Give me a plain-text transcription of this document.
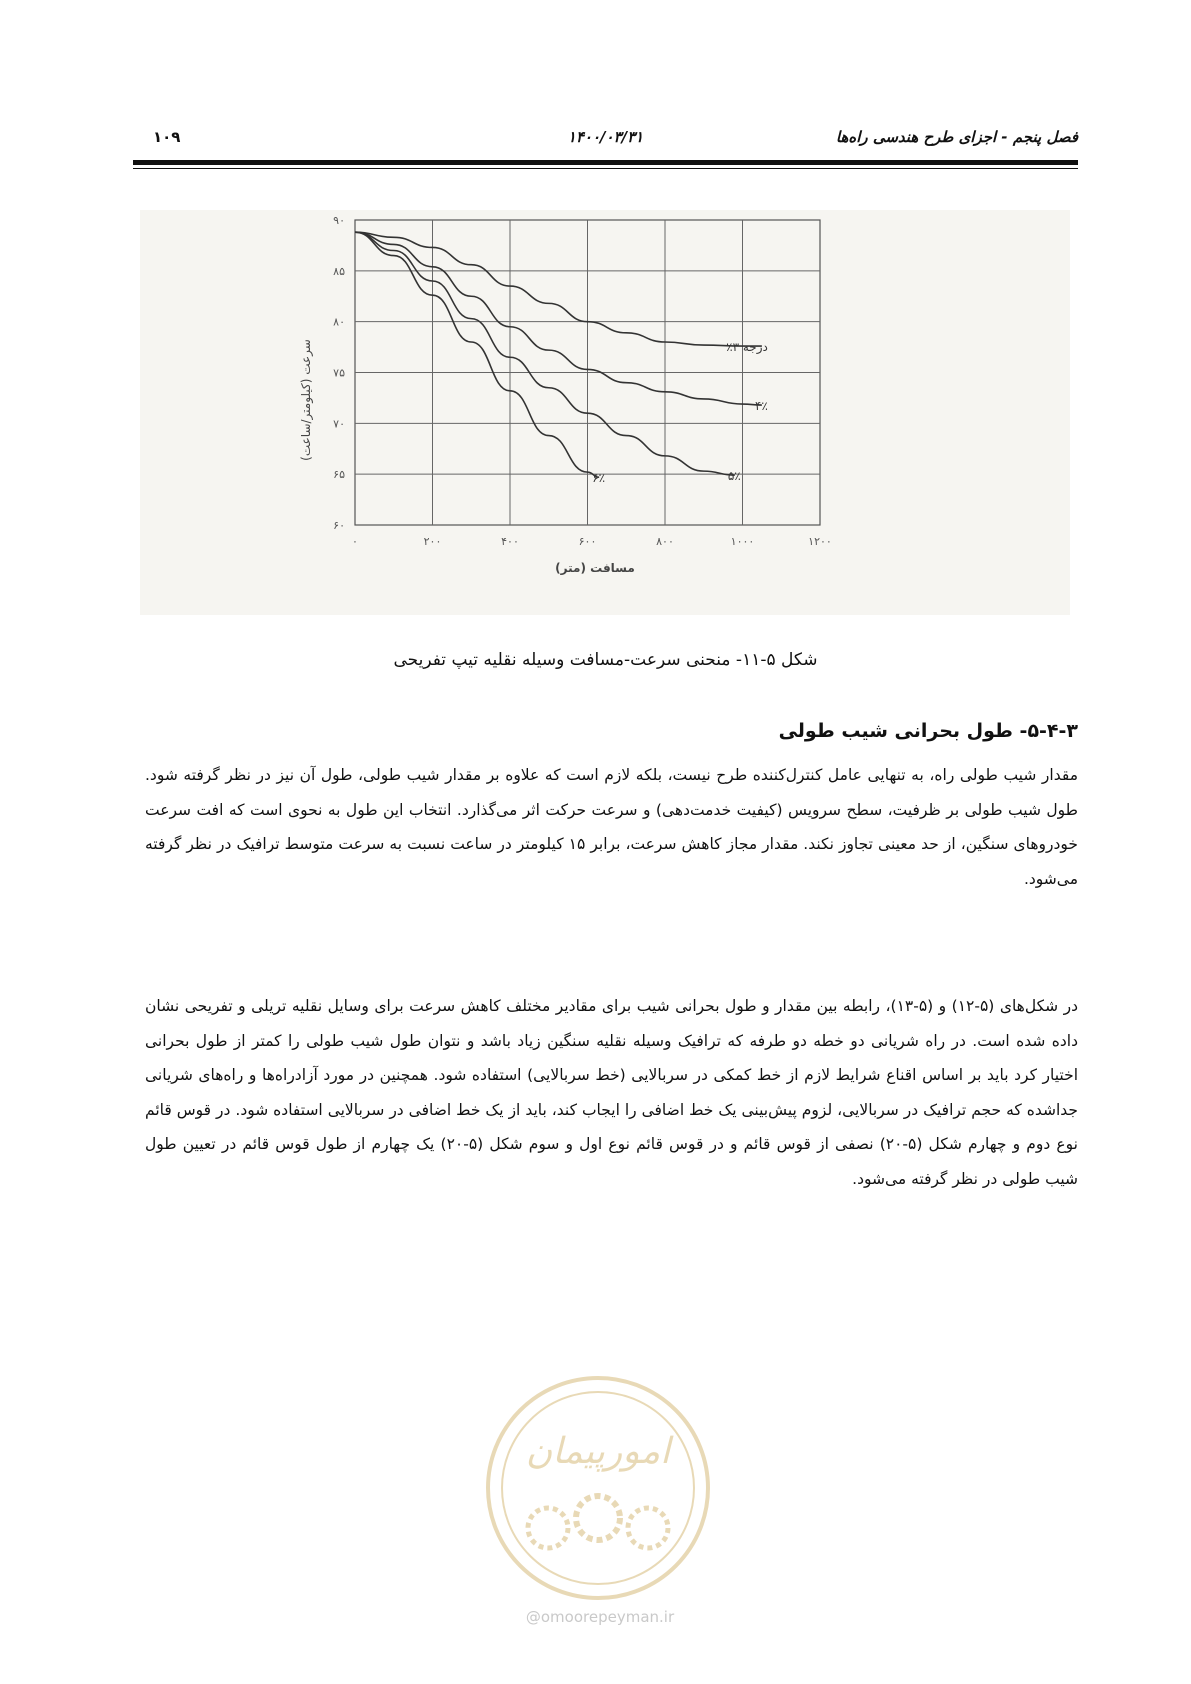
فصل پنجم - اجزای طرح هندسی راه‌ها
۱۴۰۰/۰۳/۳۱
۱۰۹
درجه ۳٪
۴٪
۵٪
۶٪
۰	۲۰۰	۴۰۰	۶۰۰	۸۰۰	۱۰۰۰	۱۲۰۰
۶۰
۶۵
۷۰
۷۵
۸۰
۸۵
۹۰
سرعت (کیلومتر/ساعت)
مسافت (متر)
شکل ۵-۱۱- منحنی سرعت-مسافت وسیله نقلیه تیپ تفریحی
۵-۴-۳- طول بحرانی شیب طولی

مقدار شیب طولی راه، به تنهایی عامل کنترل‌کننده طرح نیست، بلکه لازم است که علاوه بر مقدار شیب طولی، طول آن نیز در نظر گرفته شود. طول شیب طولی بر ظرفیت، سطح سرویس (کیفیت خدمت‌دهی) و سرعت حرکت اثر می‌گذارد. انتخاب این طول به نحوی است که افت سرعت خودروهای سنگین، از حد معینی تجاوز نکند. مقدار مجاز کاهش سرعت، برابر ۱۵ کیلومتر در ساعت نسبت به سرعت متوسط ترافیک در نظر گرفته می‌شود.

در شکل‌های (۵-۱۲) و (۵-۱۳)، رابطه بین مقدار و طول بحرانی شیب برای مقادیر مختلف کاهش سرعت برای وسایل نقلیه تریلی و تفریحی نشان داده شده است. در راه شریانی دو خطه دو طرفه که ترافیک وسیله نقلیه سنگین زیاد باشد و نتوان طول شیب طولی را کمتر از طول بحرانی اختیار کرد باید بر اساس اقناع شرایط لازم از خط کمکی در سربالایی (خط سربالایی) استفاده شود. همچنین در مورد آزادراه‌ها و راه‌های شریانی جداشده که حجم ترافیک در سربالایی، لزوم پیش‌بینی یک خط اضافی را ایجاب کند، باید از یک خط اضافی در سربالایی استفاده شود. در قوس قائم نوع دوم و چهارم شکل (۵-۲۰) نصفی از قوس قائم و در قوس قائم نوع اول و سوم شکل (۵-۲۰) یک چهارم از طول قوس قائم در تعیین طول شیب طولی در نظر گرفته می‌شود.

امورپیمان
@omoorepeyman.ir
